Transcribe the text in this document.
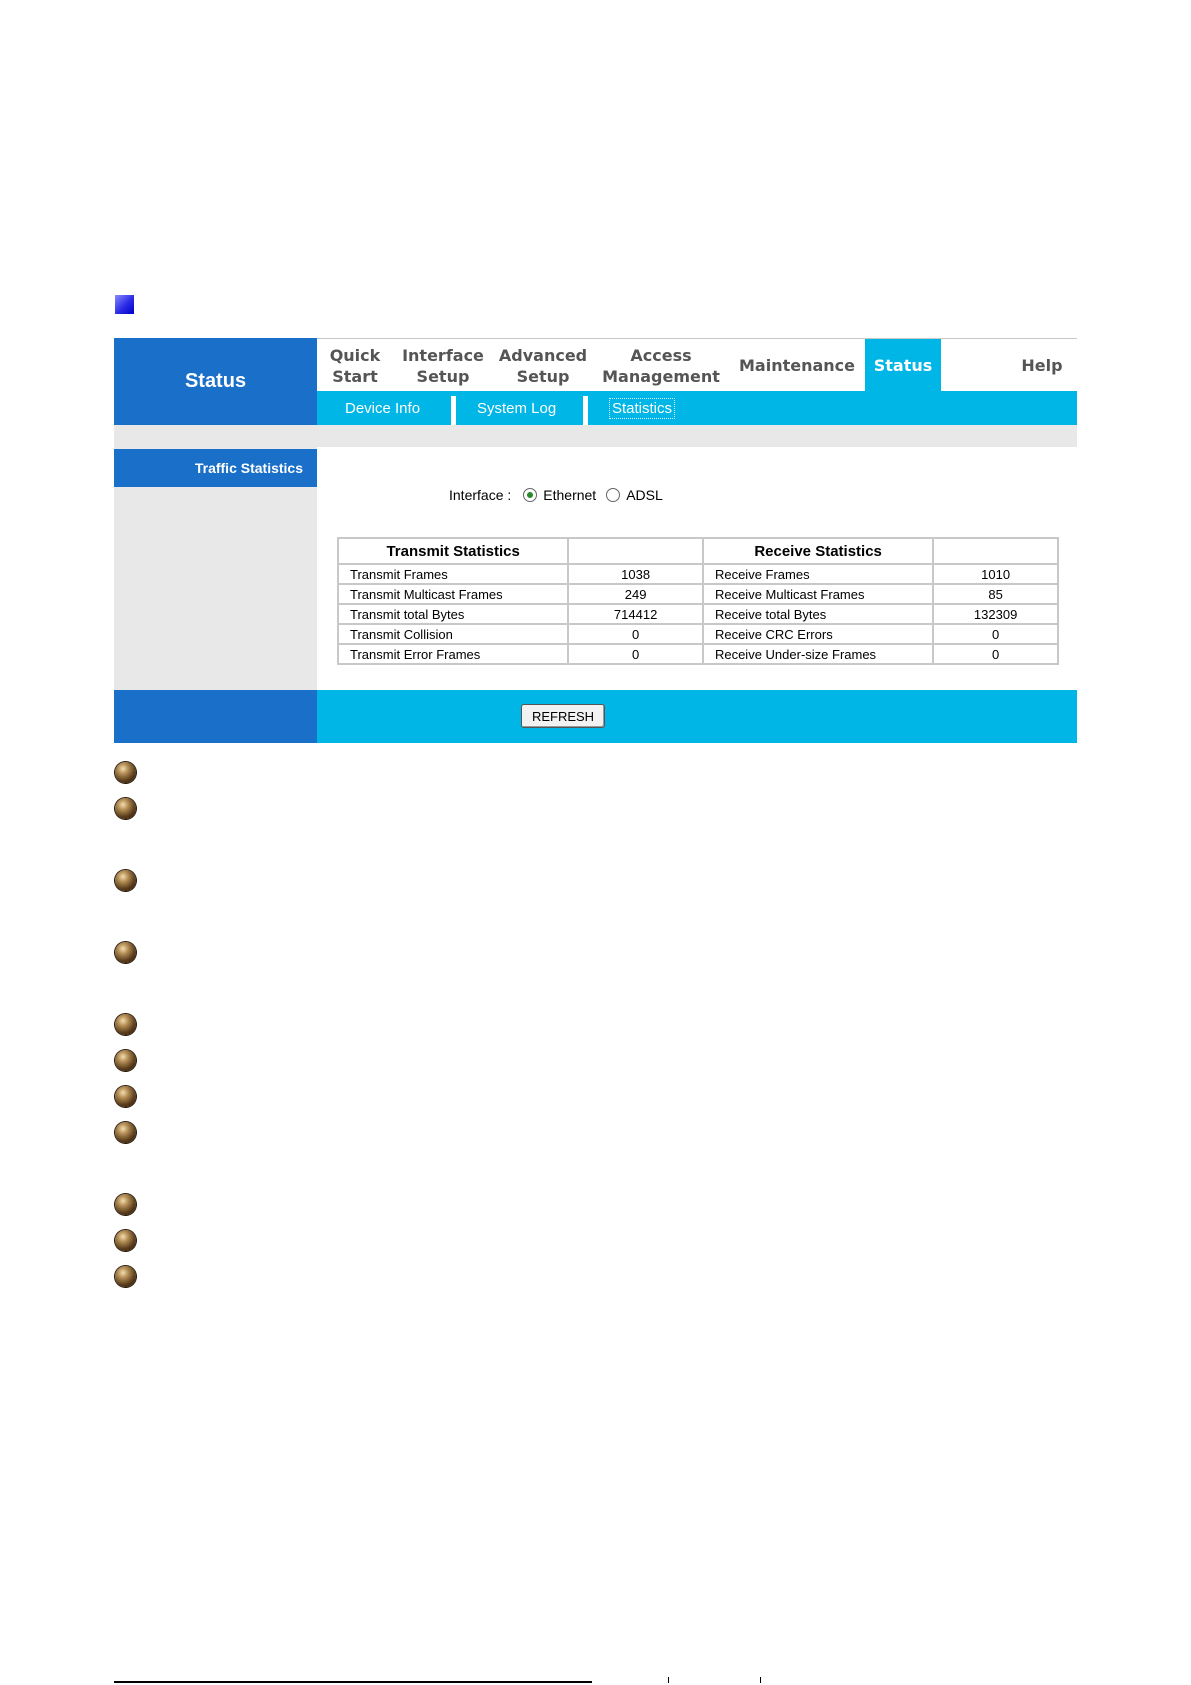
Status
Quick
Start
Interface
Setup
Advanced
Setup
Access
Management
Maintenance	Status	Help
Device Info	System Log	Statistics
Traffic Statistics
Interface : Ethernet ADSL
Transmit Statistics		Receive Statistics	
Transmit Frames	1038	Receive Frames	1010
Transmit Multicast Frames	249	Receive Multicast Frames	85
Transmit total Bytes	714412	Receive total Bytes	132309
Transmit Collision	0	Receive CRC Errors	0
Transmit Error Frames	0	Receive Under-size Frames	0
REFRESH
